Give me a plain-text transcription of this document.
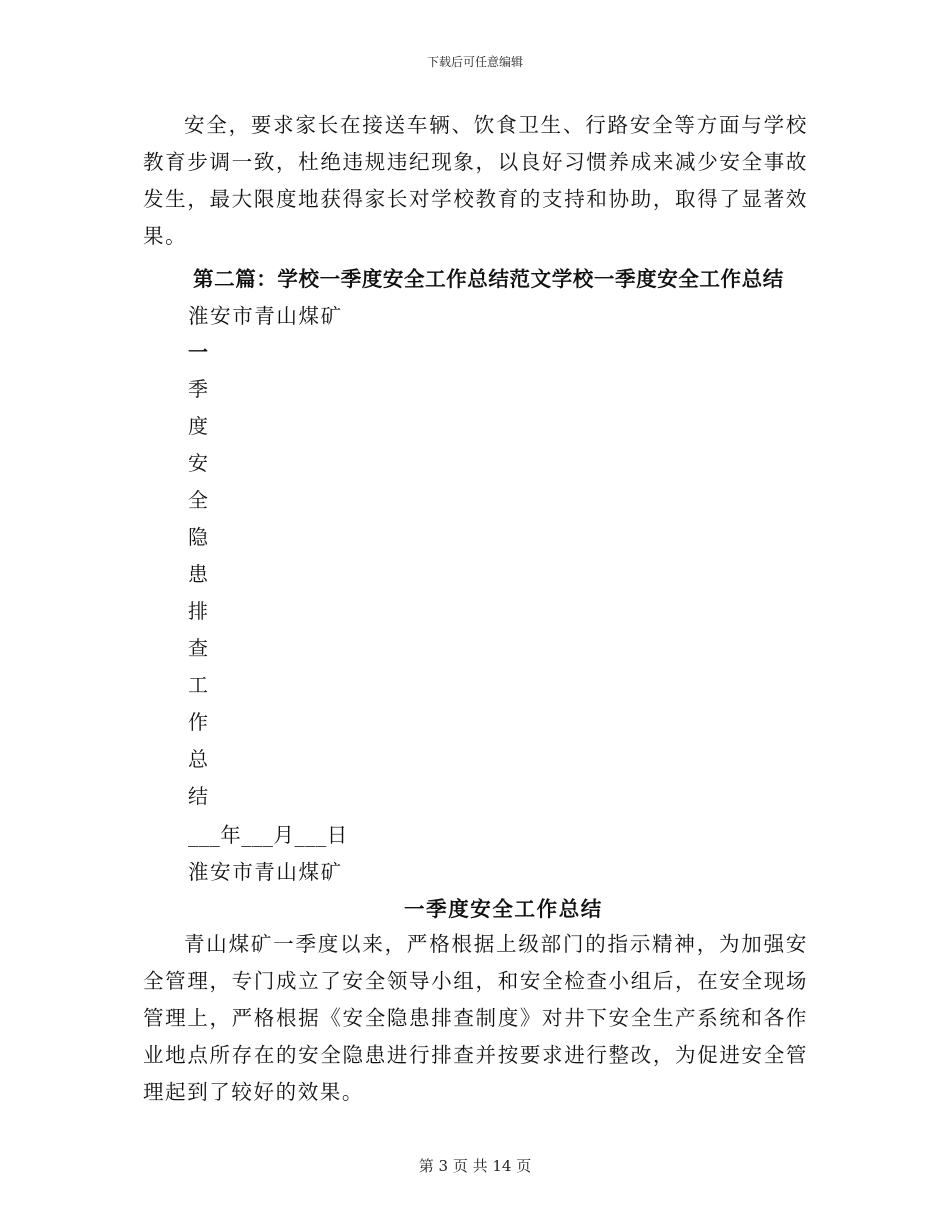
下载后可任意编辑

安全，要求家长在接送车辆、饮食卫生、行路安全等方面与学校教育步调一致，杜绝违规违纪现象，以良好习惯养成来减少安全事故发生，最大限度地获得家长对学校教育的支持和协助，取得了显著效果。

第二篇：学校一季度安全工作总结范文学校一季度安全工作总结
淮安市青山煤矿
一
季
度
安
全
隐
患
排
查
工
作
总
结
___年___月___日
淮安市青山煤矿
一季度安全工作总结

青山煤矿一季度以来，严格根据上级部门的指示精神，为加强安全管理，专门成立了安全领导小组，和安全检查小组后，在安全现场管理上，严格根据《安全隐患排查制度》对井下安全生产系统和各作业地点所存在的安全隐患进行排查并按要求进行整改，为促进安全管理起到了较好的效果。

第 3 页 共 14 页
